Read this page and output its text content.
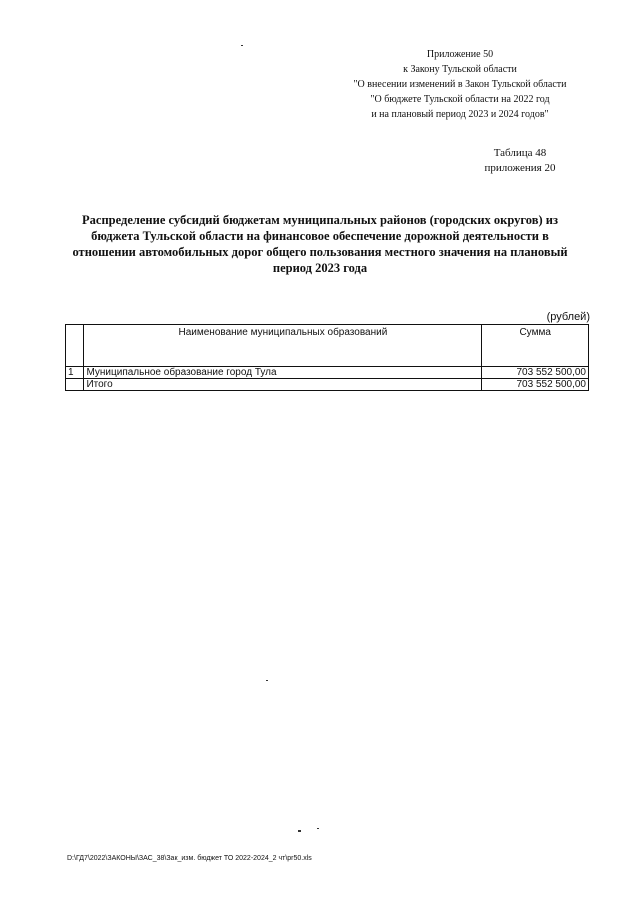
Приложение 50
к Закону Тульской области
"О внесении изменений в Закон Тульской области
"О бюджете Тульской области на 2022 год
и на плановый период 2023 и 2024 годов"
Таблица 48
приложения 20
Распределение субсидий бюджетам муниципальных районов (городских округов) из бюджета Тульской области на финансовое обеспечение дорожной деятельности в отношении автомобильных дорог общего пользования местного значения на плановый период 2023 года
(рублей)
	Наименование муниципальных образований	Сумма
1	Муниципальное образование город Тула	703 552 500,00
	Итого	703 552 500,00
D:\ГД7\2022\ЗАКОНЫ\ЗАС_38\Зак_изм. бюджет ТО 2022-2024_2 чт\pr50.xls
